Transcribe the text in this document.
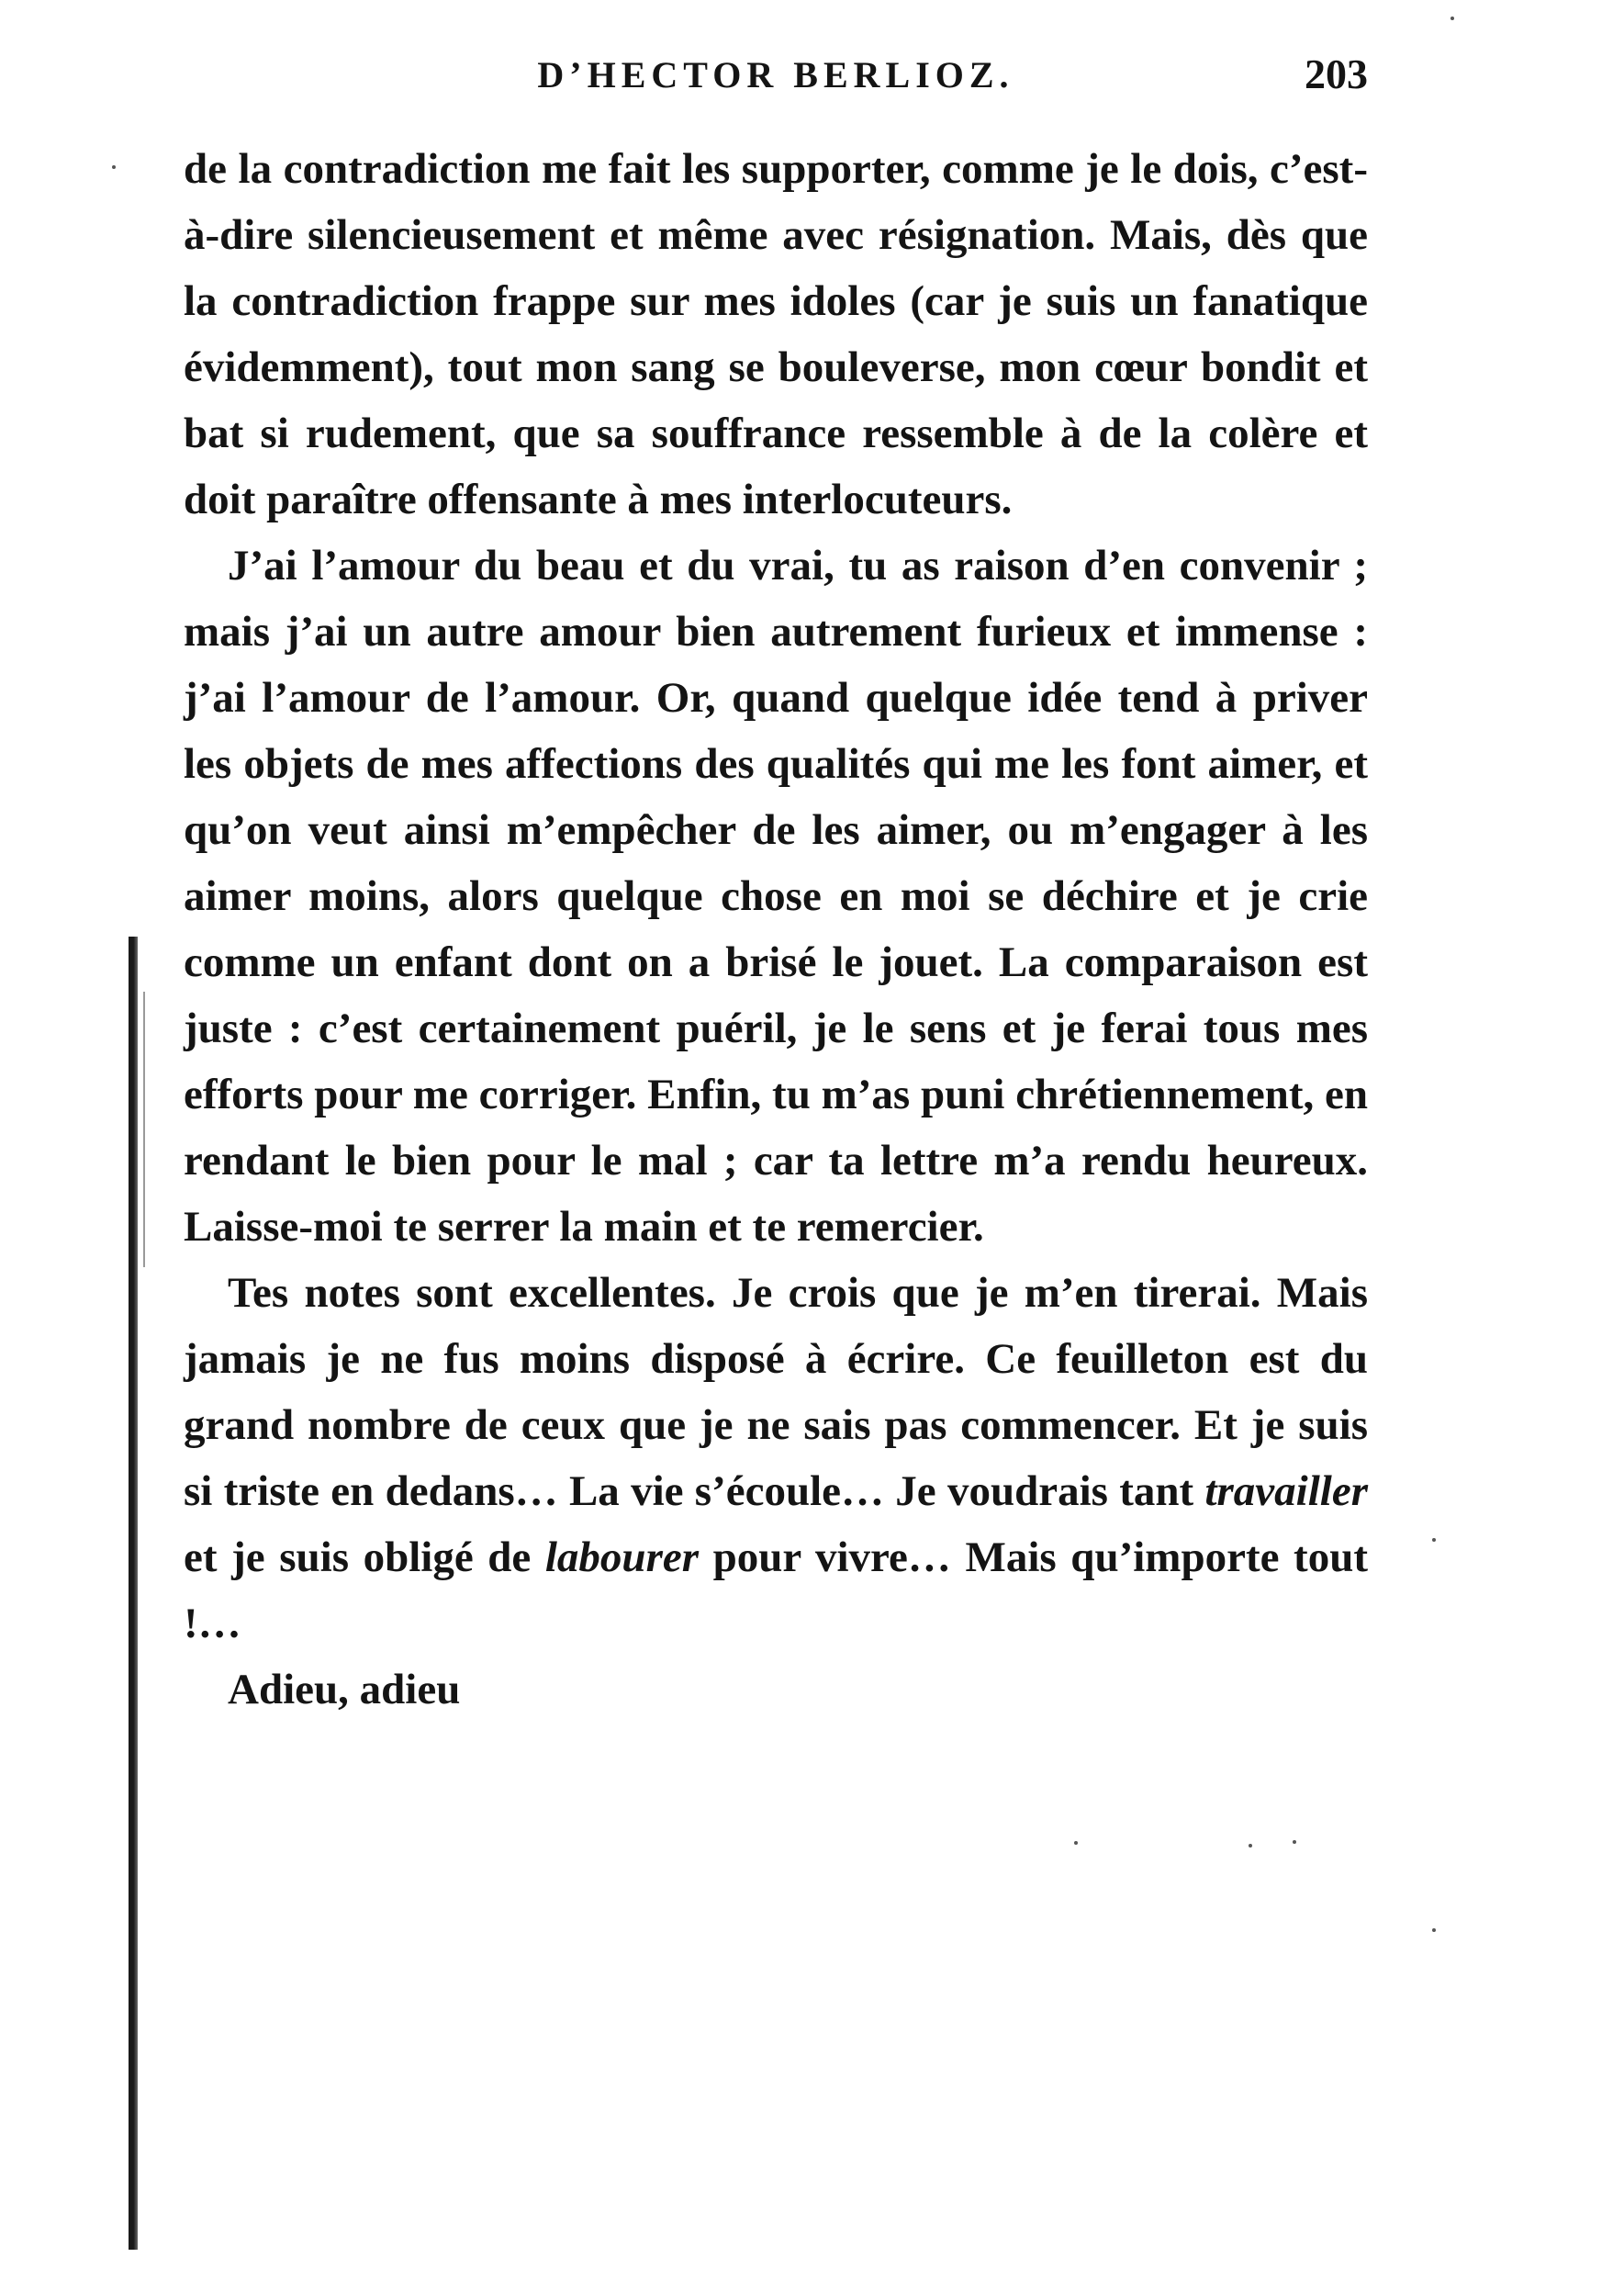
D’HECTOR BERLIOZ.	203

de la contradiction me fait les supporter, comme je le dois, c’est-à-dire silencieusement et même avec résignation. Mais, dès que la contradiction frappe sur mes idoles (car je suis un fanatique évidemment), tout mon sang se bouleverse, mon cœur bondit et bat si rudement, que sa souffrance ressemble à de la colère et doit paraître offensante à mes interlocuteurs.

J’ai l’amour du beau et du vrai, tu as raison d’en convenir ; mais j’ai un autre amour bien autrement furieux et immense : j’ai l’amour de l’amour. Or, quand quelque idée tend à priver les objets de mes affections des qualités qui me les font aimer, et qu’on veut ainsi m’empêcher de les aimer, ou m’engager à les aimer moins, alors quelque chose en moi se déchire et je crie comme un enfant dont on a brisé le jouet. La comparaison est juste : c’est certainement puéril, je le sens et je ferai tous mes efforts pour me corriger. Enfin, tu m’as puni chrétiennement, en rendant le bien pour le mal ; car ta lettre m’a rendu heureux. Laisse-moi te serrer la main et te remercier.

Tes notes sont excellentes. Je crois que je m’en tirerai. Mais jamais je ne fus moins disposé à écrire. Ce feuilleton est du grand nombre de ceux que je ne sais pas commencer. Et je suis si triste en dedans… La vie s’écoule… Je voudrais tant travailler et je suis obligé de labourer pour vivre… Mais qu’importe tout !…

Adieu, adieu
